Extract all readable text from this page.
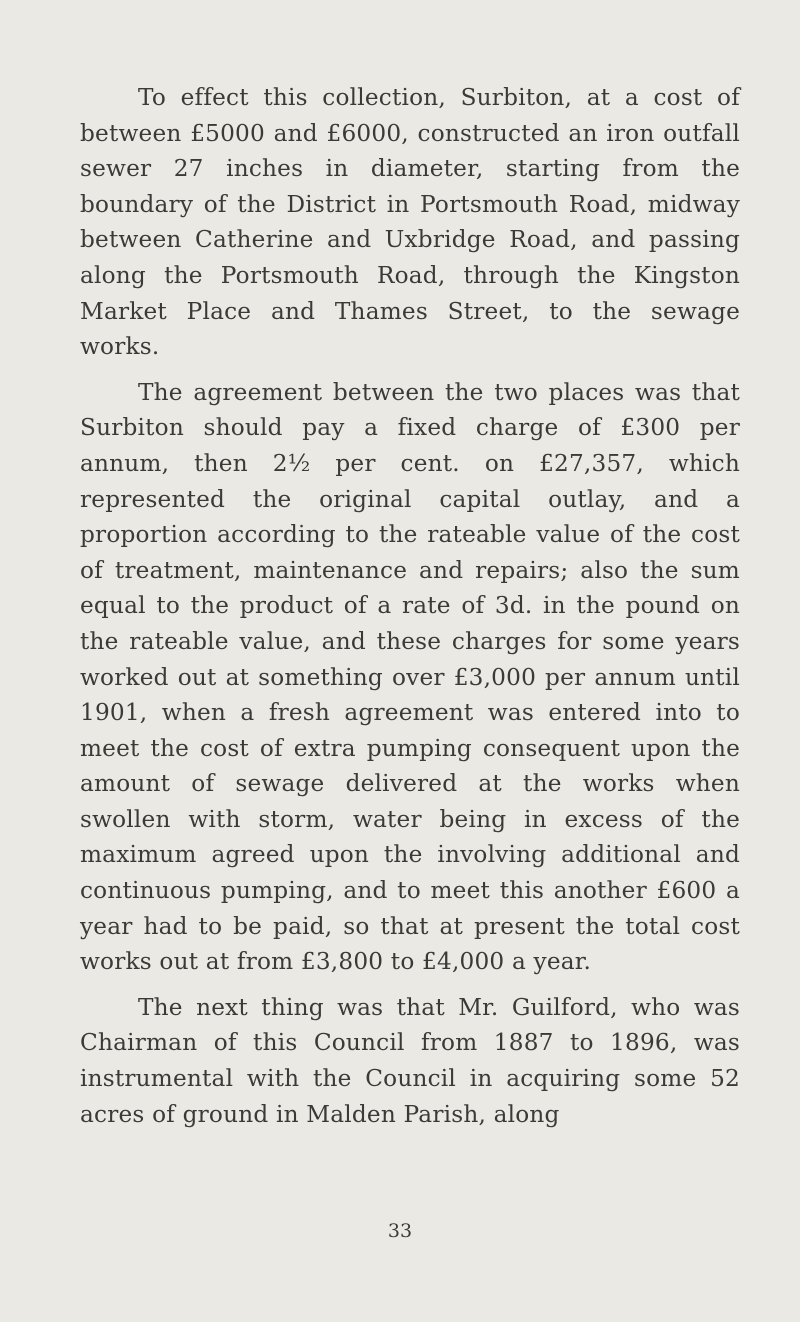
To effect this collection, Surbiton, at a cost of between £5000 and £6000, constructed an iron outfall sewer 27 inches in diameter, starting from the boundary of the District in Portsmouth Road, midway between Catherine and Uxbridge Road, and passing along the Portsmouth Road, through the Kingston Market Place and Thames Street, to the sewage works.

The agreement between the two places was that Surbiton should pay a fixed charge of £300 per annum, then 2½ per cent. on £27,357, which represented the original capital outlay, and a proportion according to the rateable value of the cost of treatment, maintenance and repairs; also the sum equal to the product of a rate of 3d. in the pound on the rateable value, and these charges for some years worked out at something over £3,000 per annum until 1901, when a fresh agreement was entered into to meet the cost of extra pumping consequent upon the amount of sewage delivered at the works when swollen with storm, water being in excess of the maximum agreed upon the involving additional and continuous pumping, and to meet this another £600 a year had to be paid, so that at present the total cost works out at from £3,800 to £4,000 a year.

The next thing was that Mr. Guilford, who was Chairman of this Council from 1887 to 1896, was instrumental with the Council in acquiring some 52 acres of ground in Malden Parish, along

33
